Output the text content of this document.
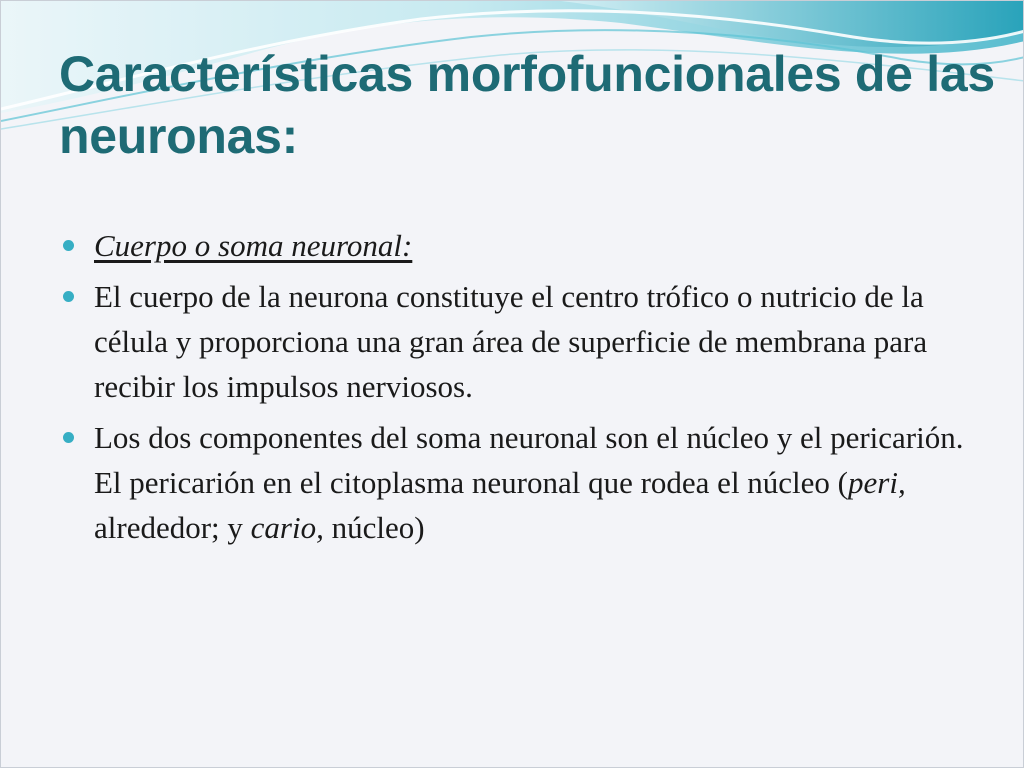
Características morfofuncionales de las neuronas:
Cuerpo o soma neuronal:
El cuerpo de la neurona constituye el centro trófico o nutricio de la célula y proporciona una gran área de superficie de membrana para recibir los impulsos nerviosos.
Los dos componentes del soma neuronal son el núcleo y el pericarión. El pericarión en el citoplasma neuronal que rodea el núcleo (peri, alrededor; y cario, núcleo)
